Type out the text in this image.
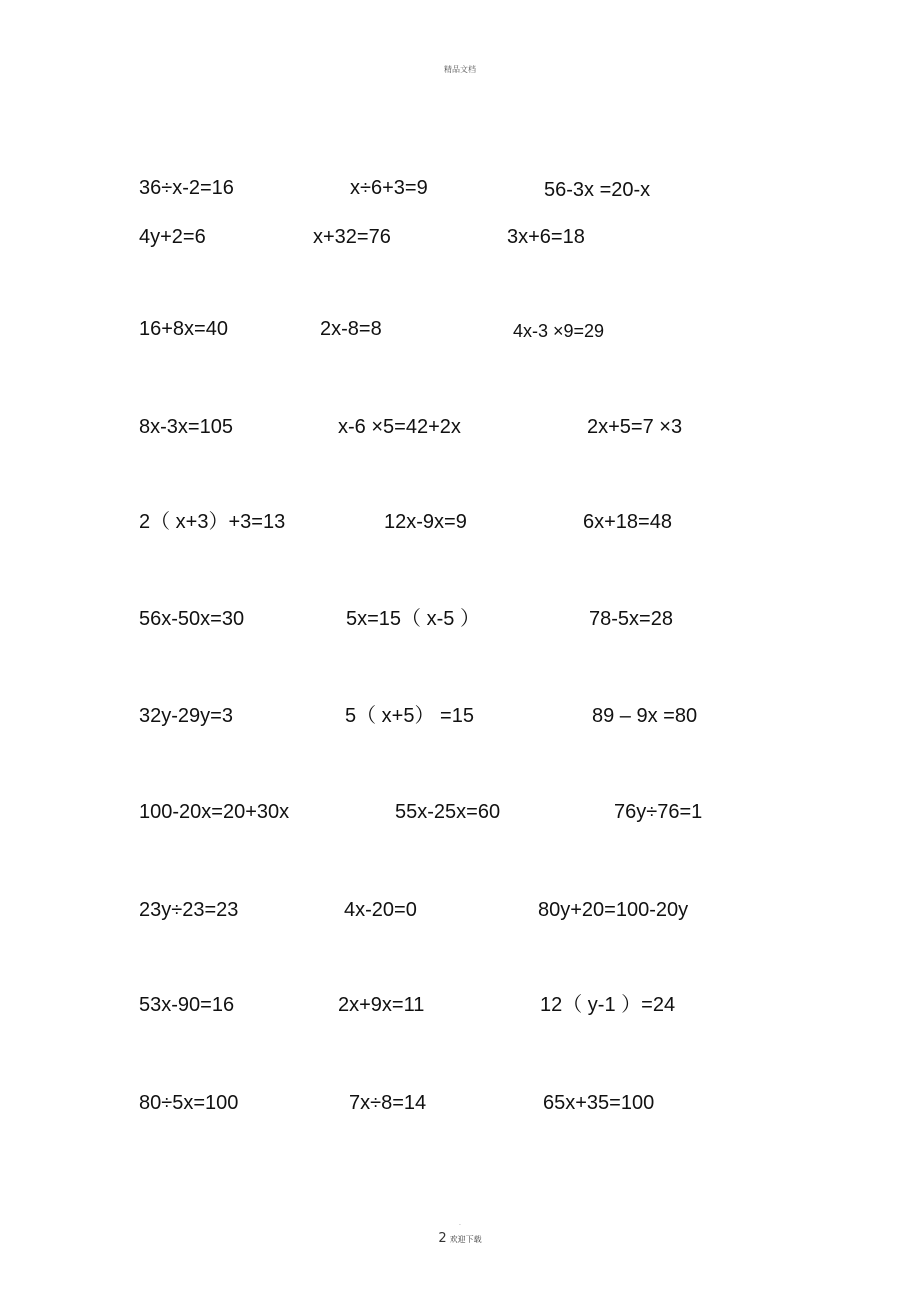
精品文档
36÷x-2=16	x÷6+3=9	56-3x =20-x
4y+2=6	x+32=76	3x+6=18
16+8x=40	2x-8=8	4x-3 ×9=29
8x-3x=105	x-6 ×5=42+2x	2x+5=7 ×3
2（ x+3）+3=13	12x-9x=9	6x+18=48
56x-50x=30	5x=15（ x-5 ）	78-5x=28
32y-29y=3	5（ x+5） =15	89 – 9x =80
100-20x=20+30x	55x-25x=60	76y÷76=1
23y÷23=23	4x-20=0	80y+20=100-20y
53x-90=16	2x+9x=11	12（ y-1 ）=24
80÷5x=100	7x÷8=14	65x+35=100
.
2 欢迎下载
